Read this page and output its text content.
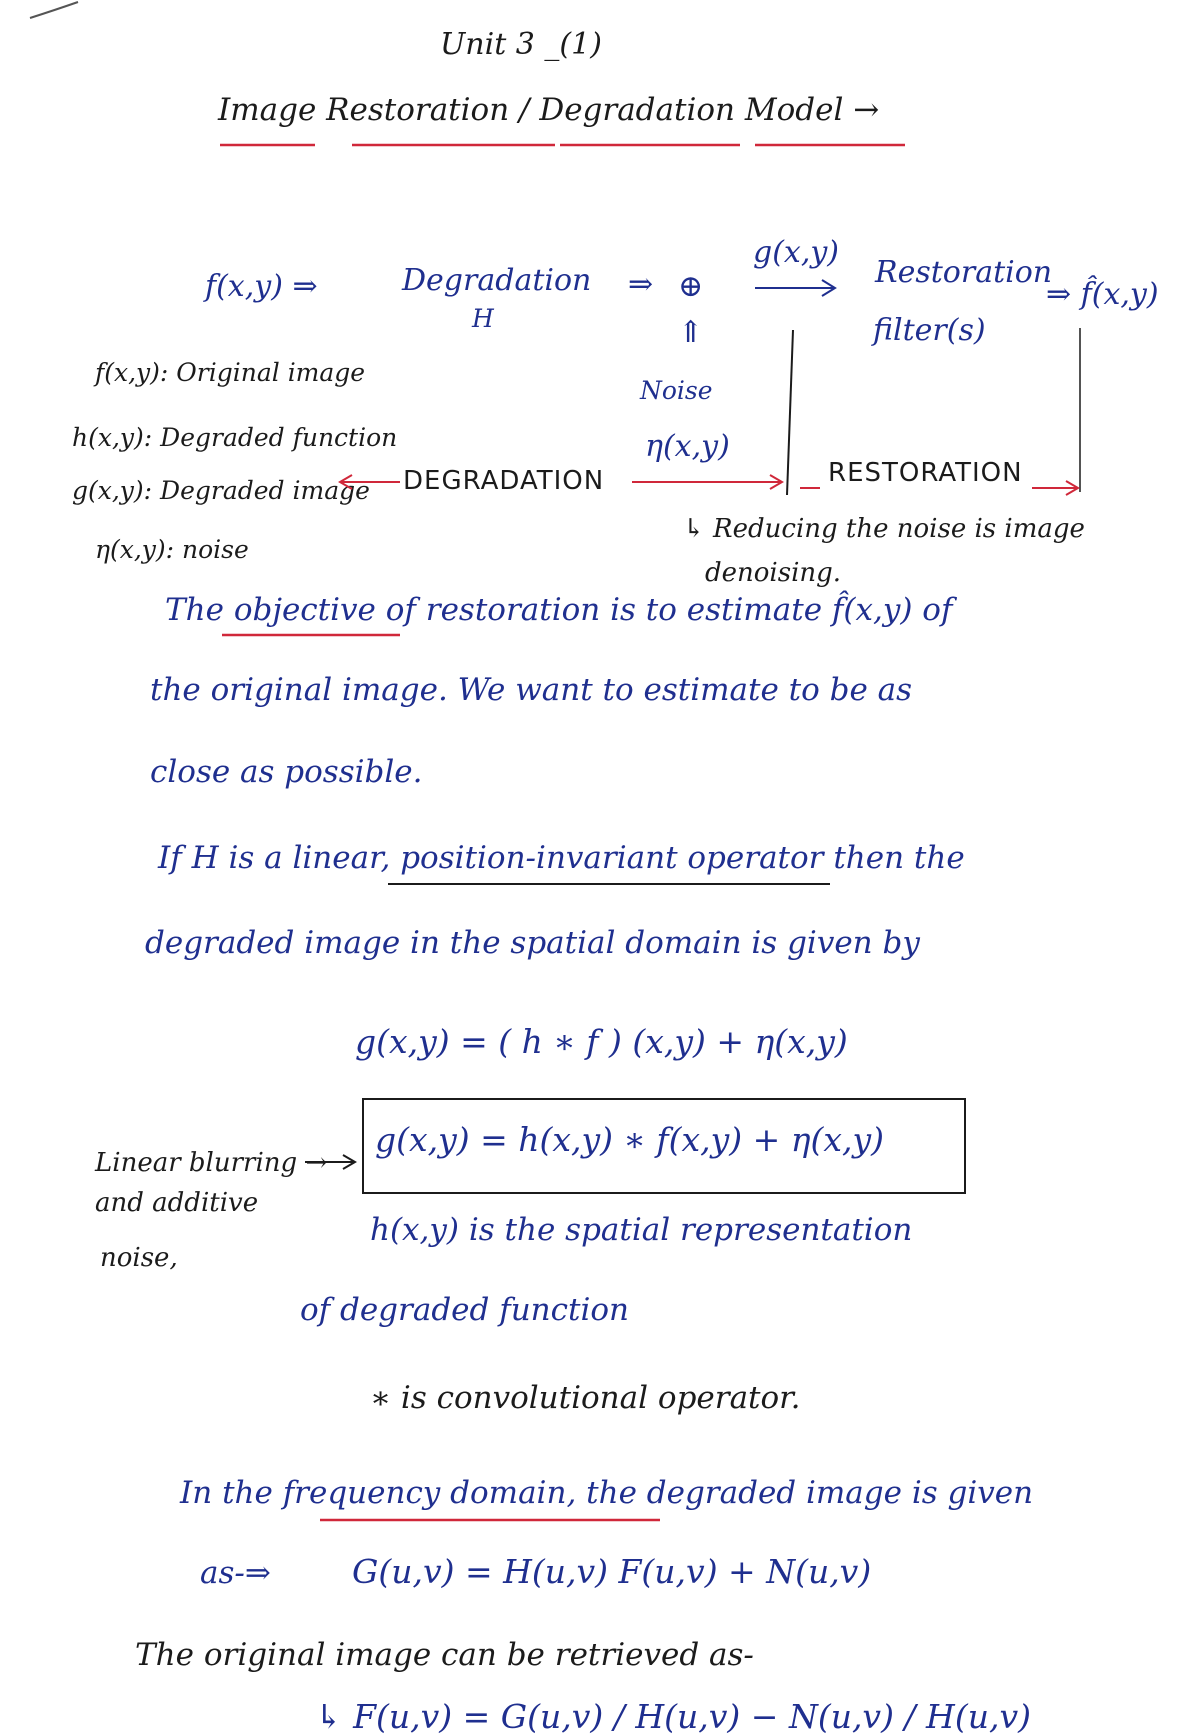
Unit 3 _(1)
Image Restoration / Degradation Model →
f(x,y) ⇒	Degradation
H
⇒ ⊕
⇑
Noise
η(x,y)
g(x,y)
Restoration
filter(s)
⇒ f̂(x,y)
DEGRADATION	RESTORATION
f(x,y): Original image
h(x,y): Degraded function
g(x,y): Degraded image
η(x,y): noise
↳ Reducing the noise is image
denoising.
The objective of restoration is to estimate f̂(x,y) of
the original image. We want to estimate to be as
close as possible.
If H is a linear, position-invariant operator then the
degraded image in the spatial domain is given by
g(x,y) = ( h ∗ f ) (x,y) + η(x,y)
g(x,y) = h(x,y) ∗ f(x,y) + η(x,y)
Linear blurring →
and additive
noise,
h(x,y) is the spatial representation
of degraded function
∗ is convolutional operator.
In the frequency domain, the degraded image is given
as-⇒ G(u,v) = H(u,v) F(u,v) + N(u,v)
The original image can be retrieved as-
↳ F(u,v) = G(u,v) / H(u,v) − N(u,v) / H(u,v)
